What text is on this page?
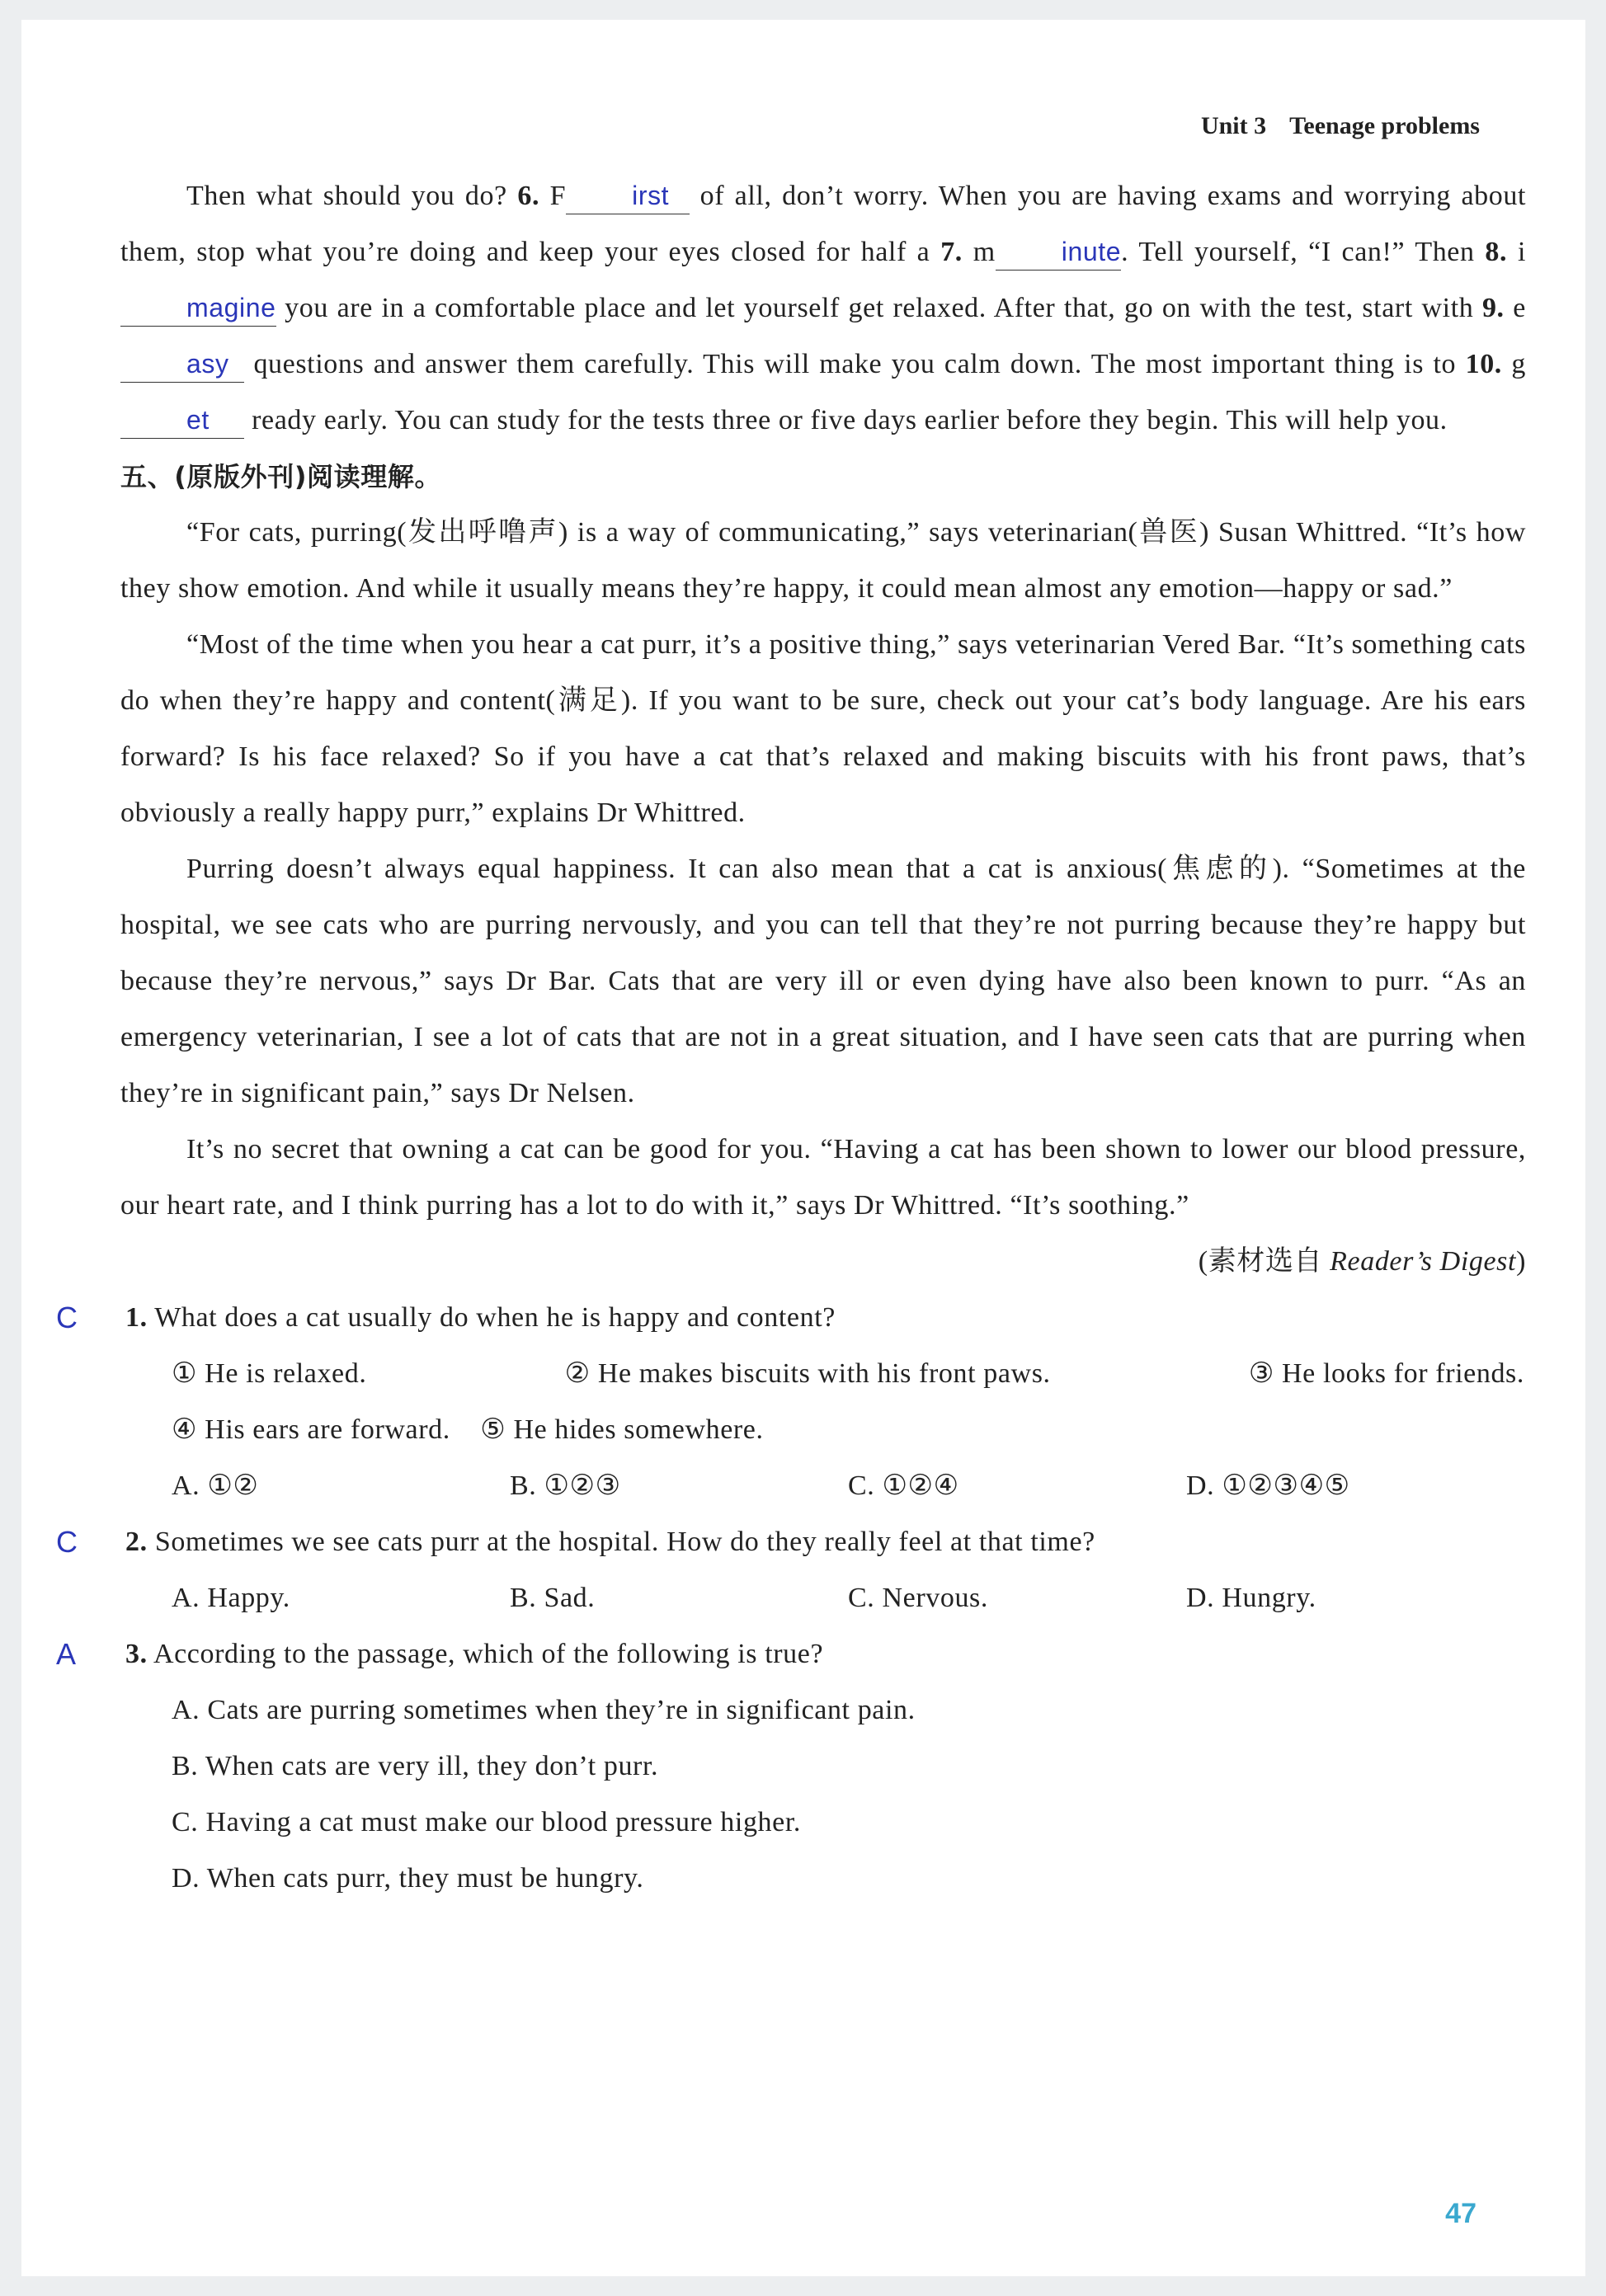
Unit 3 Teenage problems

Then what should you do? 6. F	irst of all, don’t worry. When you are having exams and worrying about them, stop what you’re doing and keep your eyes closed for half a 7. m	inute. Tell yourself, “I can!” Then 8. imagine you are in a comfortable place and let yourself get relaxed. After that, go on with the test, start with 9. easy questions and answer them carefully. This will make you calm down. The most important thing is to 10. get ready early. You can study for the tests three or five days earlier before they begin. This will help you.

五、(原版外刊)阅读理解。

“For cats, purring(发出呼噜声) is a way of communicating,” says veterinarian(兽医) Susan Whittred. “It’s how they show emotion. And while it usually means they’re happy, it could mean almost any emotion—happy or sad.”

“Most of the time when you hear a cat purr, it’s a positive thing,” says veterinarian Vered Bar. “It’s something cats do when they’re happy and content(满足). If you want to be sure, check out your cat’s body language. Are his ears forward? Is his face relaxed? So if you have a cat that’s relaxed and making biscuits with his front paws, that’s obviously a really happy purr,” explains Dr Whittred.

Purring doesn’t always equal happiness. It can also mean that a cat is anxious(焦虑的). “Sometimes at the hospital, we see cats who are purring nervously, and you can tell that they’re not purring because they’re happy but because they’re nervous,” says Dr Bar. Cats that are very ill or even dying have also been known to purr. “As an emergency veterinarian, I see a lot of cats that are not in a great situation, and I have seen cats that are purring when they’re in significant pain,” says Dr Nelsen.

It’s no secret that owning a cat can be good for you. “Having a cat has been shown to lower our blood pressure, our heart rate, and I think purring has a lot to do with it,” says Dr Whittred. “It’s soothing.”

(素材选自 Reader’s Digest)

C 1. What does a cat usually do when he is happy and content?
① He is relaxed.	② He makes biscuits with his front paws.	③ He looks for friends.
④ His ears are forward. ⑤ He hides somewhere.
A. ①②	B. ①②③	C. ①②④	D. ①②③④⑤
C 2. Sometimes we see cats purr at the hospital. How do they really feel at that time?
A. Happy.	B. Sad.	C. Nervous.	D. Hungry.
A 3. According to the passage, which of the following is true?
A. Cats are purring sometimes when they’re in significant pain.
B. When cats are very ill, they don’t purr.
C. Having a cat must make our blood pressure higher.
D. When cats purr, they must be hungry.
47
